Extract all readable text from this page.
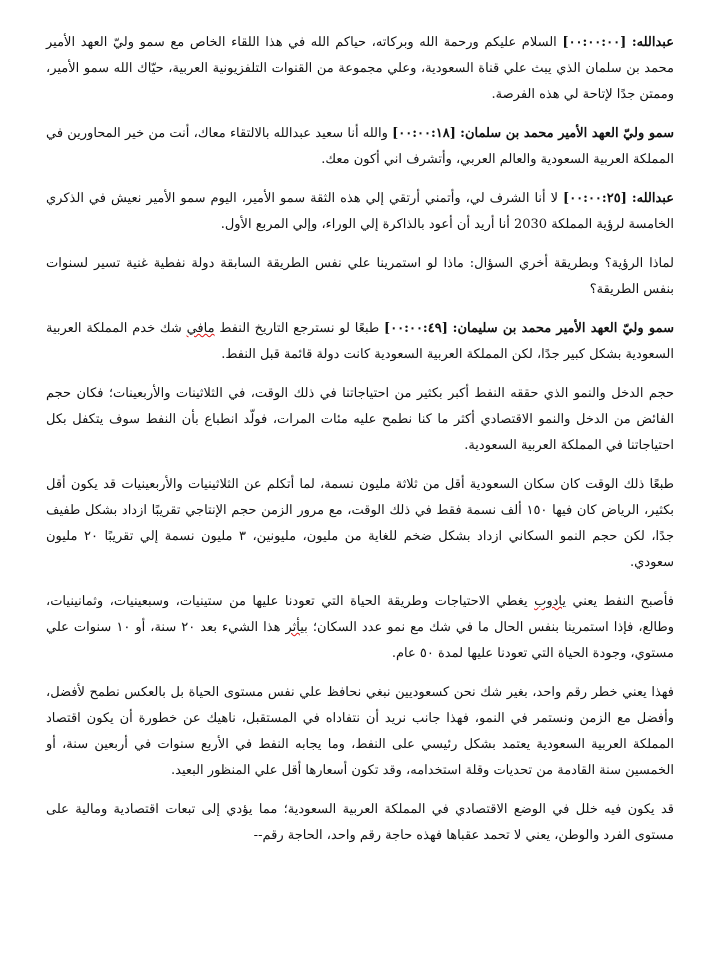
عبدالله: [٠٠:٠٠:٠٠] السلام عليكم ورحمة الله وبركاته، حياكم الله في هذا اللقاء الخاص مع سمو وليّ العهد الأمير محمد بن سلمان الذي يبث علي قناة السعودية، وعلي مجموعة من القنوات التلفزيونية العربية، حيّاك الله سمو الأمير، وممتن جدًا لإتاحة لي هذه الفرصة.

سمو وليّ العهد الأمير محمد بن سلمان: [٠٠:٠٠:١٨] والله أنا سعيد عبدالله بالالتقاء معاك، أنت من خير المحاورين في المملكة العربية السعودية والعالم العربي، وأتشرف اني أكون معك.

عبدالله: [٠٠:٠٠:٢٥] لا أنا الشرف لي، وأتمني أرتقي إلي هذه الثقة سمو الأمير، اليوم سمو الأمير نعيش في الذكري الخامسة لرؤية المملكة 2030 أنا أريد أن أعود بالذاكرة إلي الوراء، وإلي المربع الأول.

لماذا الرؤية؟ وبطريقة أخري السؤال: ماذا لو استمرينا علي نفس الطريقة السابقة دولة نفطية غنية تسير لسنوات بنفس الطريقة؟

سمو وليّ العهد الأمير محمد بن سليمان: [٠٠:٠٠:٤٩] طبعًا لو نسترجع التاريخ النفط مافي شك خدم المملكة العربية السعودية بشكل كبير جدًا، لكن المملكة العربية السعودية كانت دولة قائمة قبل النفط.

حجم الدخل والنمو الذي حققه النفط أكبر بكثير من احتياجاتنا في ذلك الوقت، في الثلاثينات والأربعينات؛ فكان حجم الفائض من الدخل والنمو الاقتصادي أكثر ما كنا نطمح عليه مئات المرات، فولّد انطباع بأن النفط سوف يتكفل بكل احتياجاتنا في المملكة العربية السعودية.

طبعًا ذلك الوقت كان سكان السعودية أقل من ثلاثة مليون نسمة، لما أتكلم عن الثلاثينيات والأربعينيات قد يكون أقل بكثير، الرياض كان فيها ١٥٠ ألف نسمة فقط في ذلك الوقت، مع مرور الزمن حجم الإنتاجي تقريبًا ازداد بشكل طفيف جدًا، لكن حجم النمو السكاني ازداد بشكل ضخم للغاية من مليون، مليونين، ٣ مليون نسمة إلي تقريبًا ٢٠ مليون سعودي.

فأصبح النفط يعني يادوب يغطي الاحتياجات وطريقة الحياة التي تعودنا عليها من ستينيات، وسبعينيات، وثمانينيات، وطالع، فإذا استمرينا بنفس الحال ما في شك مع نمو عدد السكان؛ بيأثر هذا الشيء بعد ٢٠ سنة، أو ١٠ سنوات علي مستوي، وجودة الحياة التي تعودنا عليها لمدة ٥٠ عام.

فهذا يعني خطر رقم واحد، بغير شك نحن كسعوديين نبغي نحافظ علي نفس مستوى الحياة بل بالعكس نطمح لأفضل، وأفضل مع الزمن ونستمر في النمو، فهذا جانب نريد أن نتفاداه في المستقبل، ناهيك عن خطورة أن يكون اقتصاد المملكة العربية السعودية يعتمد بشكل رئيسي على النفط، وما يجابه النفط في الأربع سنوات في أربعين سنة، أو الخمسين سنة القادمة من تحديات وقلة استخدامه، وقد تكون أسعارها أقل علي المنظور البعيد.

قد يكون فيه خلل في الوضع الاقتصادي في المملكة العربية السعودية؛ مما يؤدي إلى تبعات اقتصادية ومالية على مستوى الفرد والوطن، يعني لا تحمد عقباها فهذه حاجة رقم واحد، الحاجة رقم--
